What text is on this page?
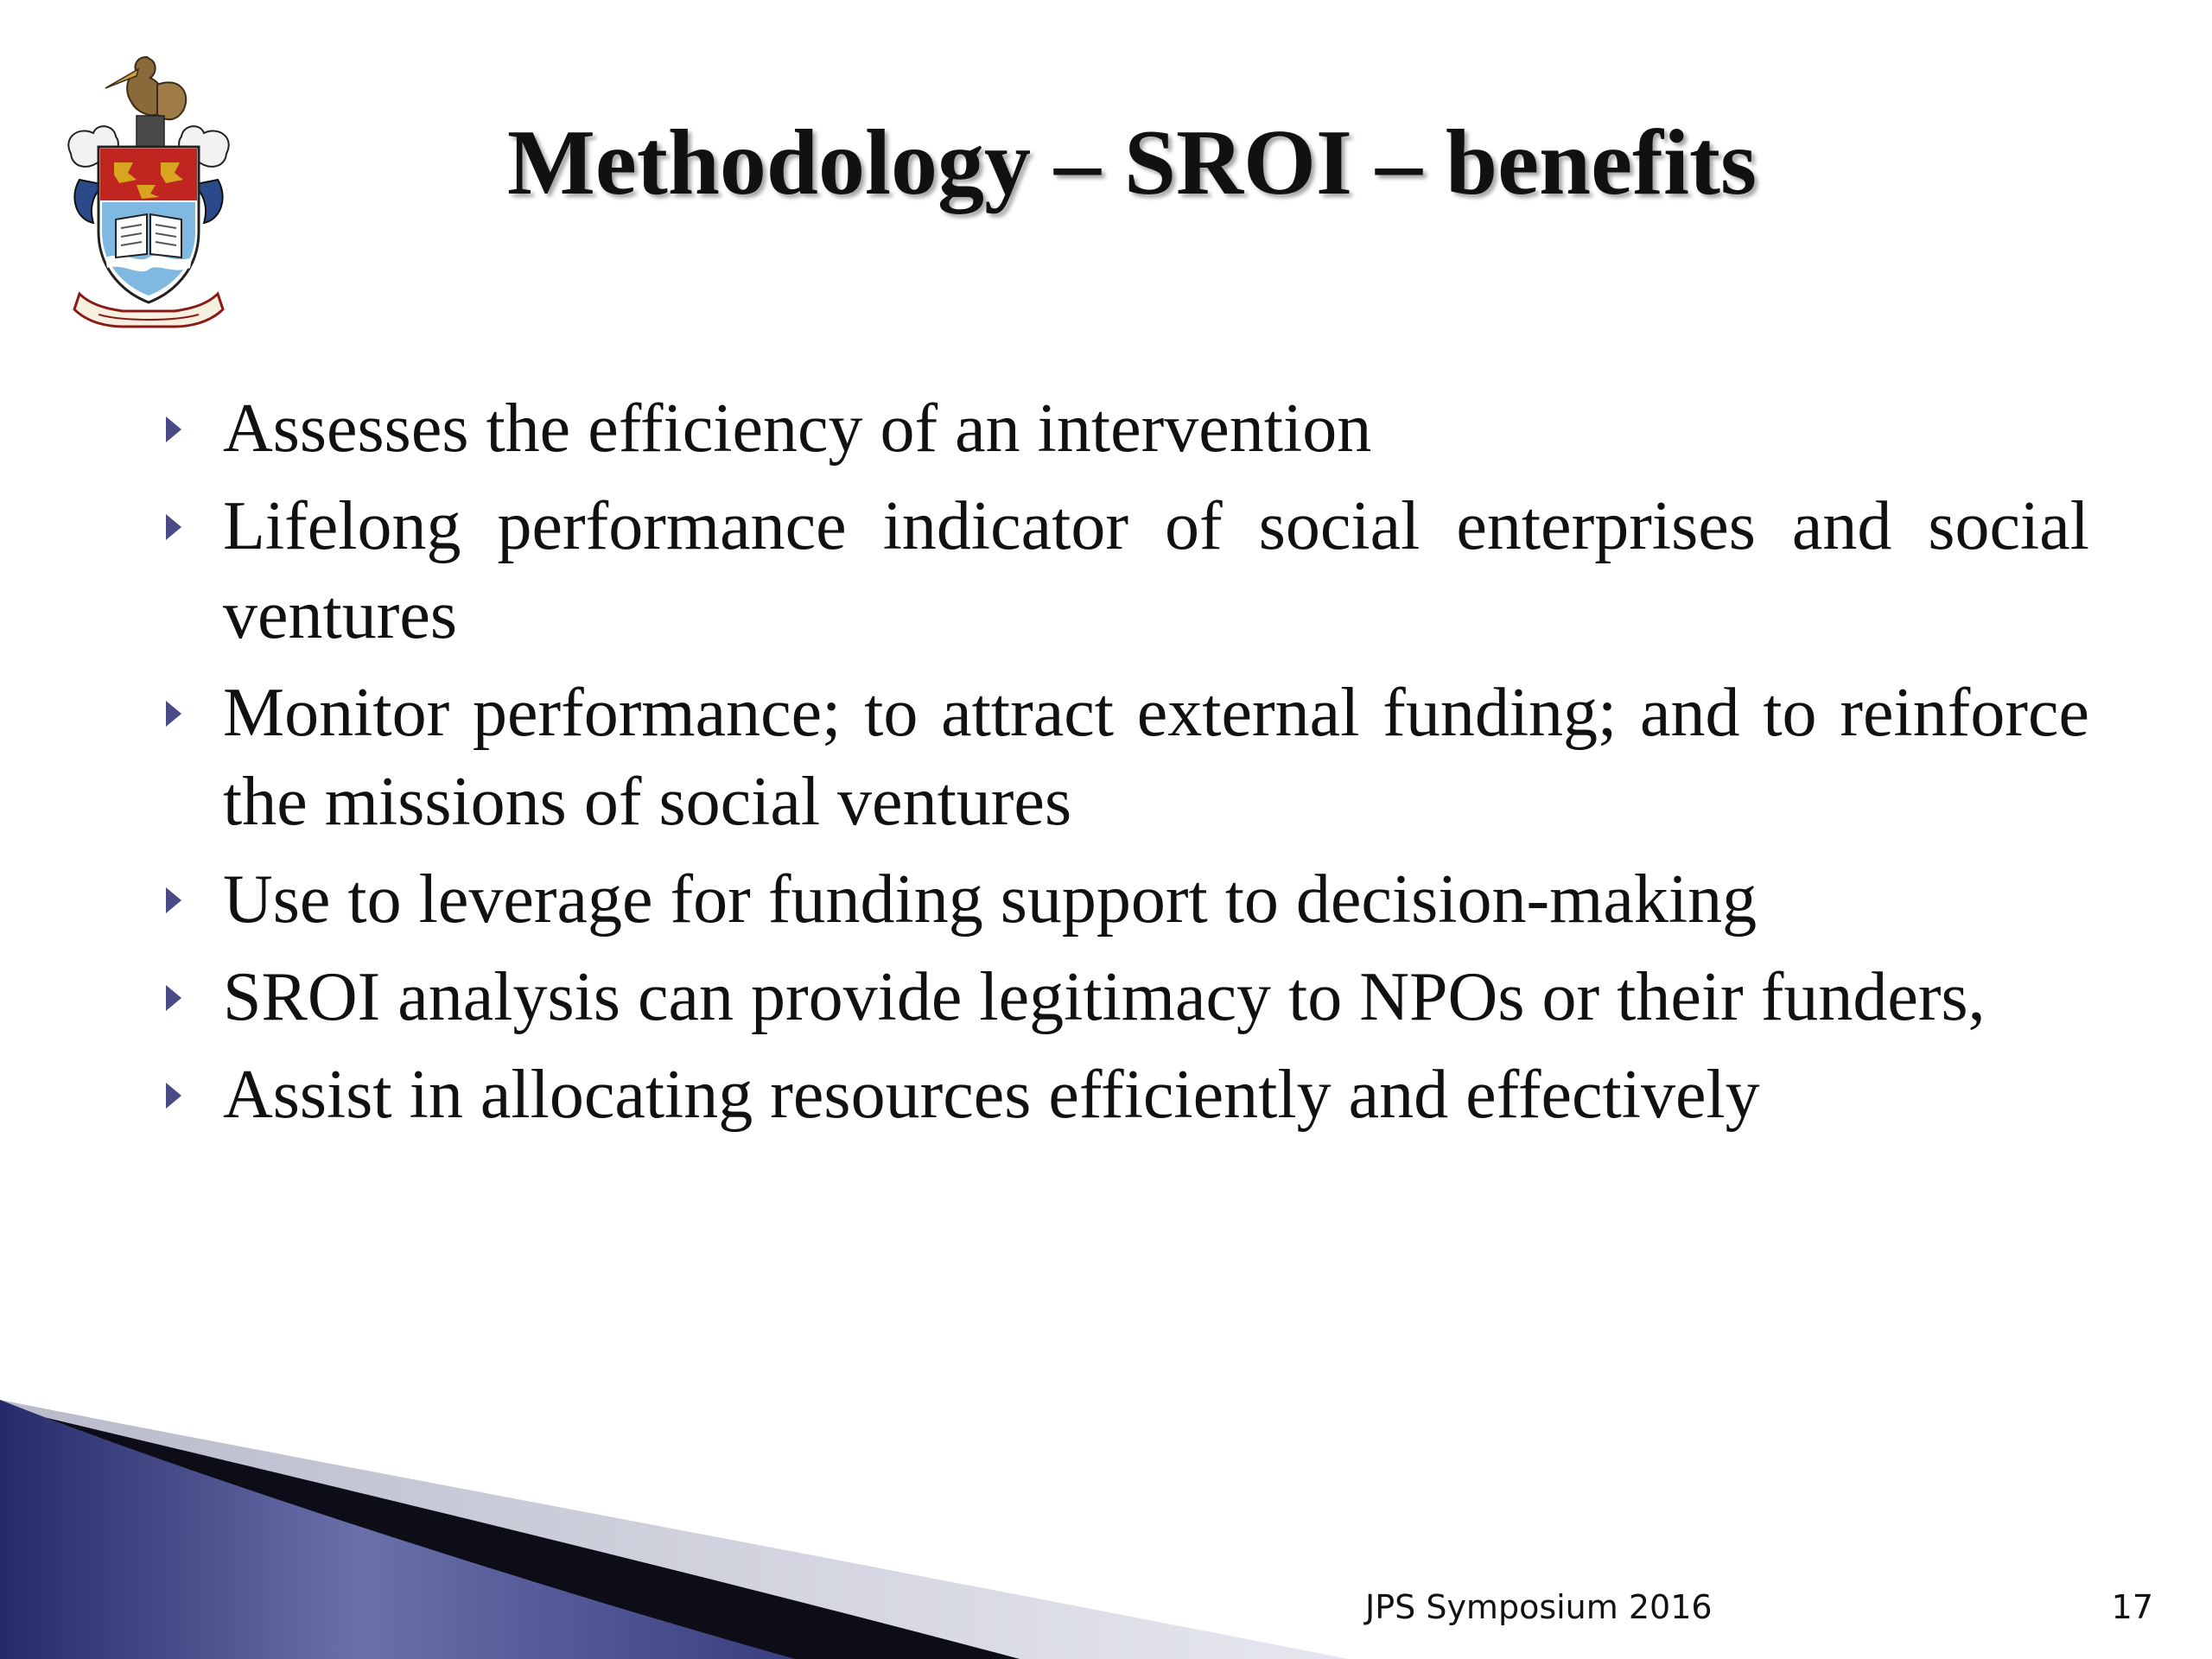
Methodology – SROI – benefits
Assesses the efficiency of an intervention
Lifelong performance indicator of social enterprises and social ventures
Monitor performance; to attract external funding; and to reinforce the missions of social ventures
Use to leverage for funding support to decision-making
SROI analysis can provide legitimacy to NPOs or their funders,
Assist in allocating resources efficiently and effectively
JPS Symposium 2016	17
